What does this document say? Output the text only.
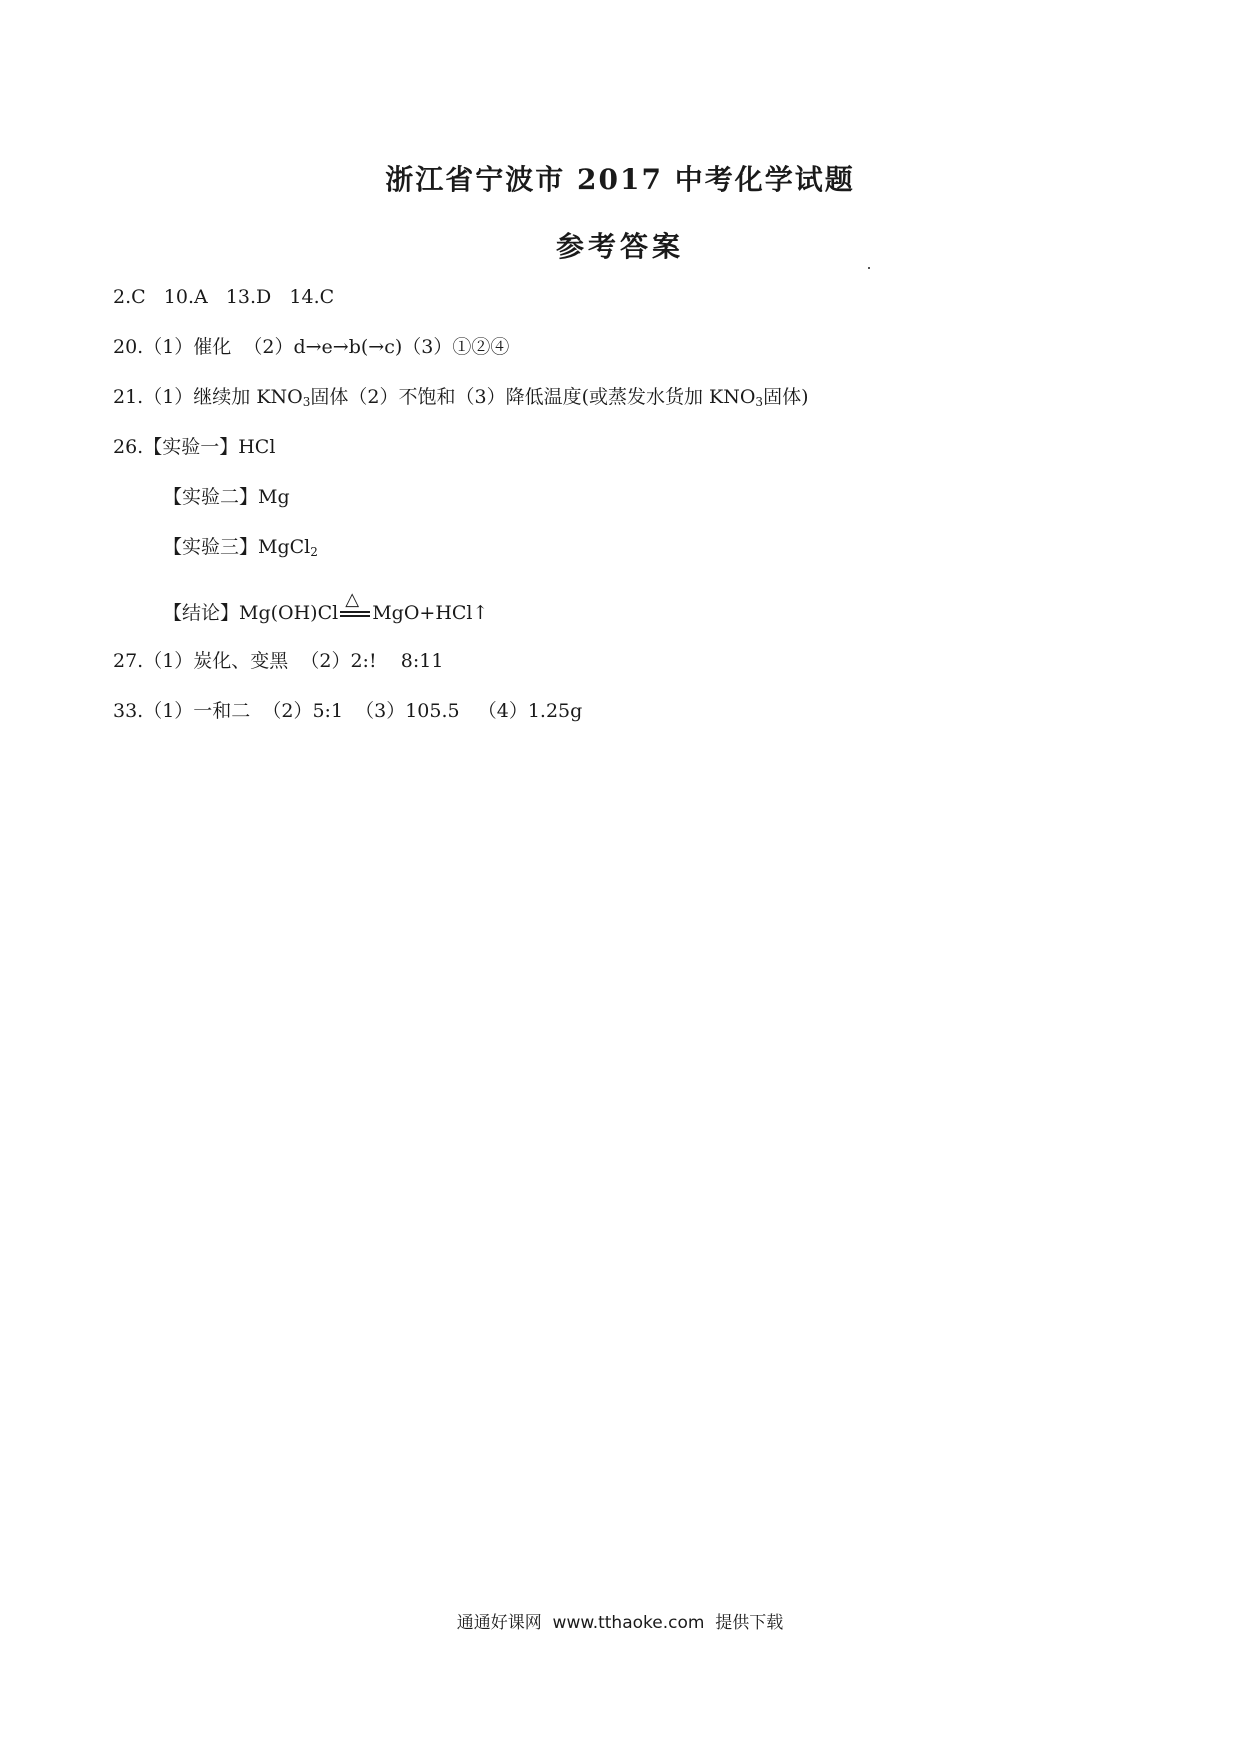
浙江省宁波市 2017 中考化学试题
参考答案
2.C   10.A   13.D   14.C
20.（1）催化  （2）d→e→b(→c)（3）①②④
21.（1）继续加 KNO3固体（2）不饱和（3）降低温度(或蒸发水货加 KNO3固体)
26.【实验一】HCl
【实验二】Mg
【实验三】MgCl2
【结论】Mg(OH)Cl
△
MgO+HCl↑
27.（1）炭化、变黑  （2）2:!    8:11
33.（1）一和二  （2）5:1  （3）105.5   （4）1.25g
通通好课网  www.tthaoke.com  提供下载
